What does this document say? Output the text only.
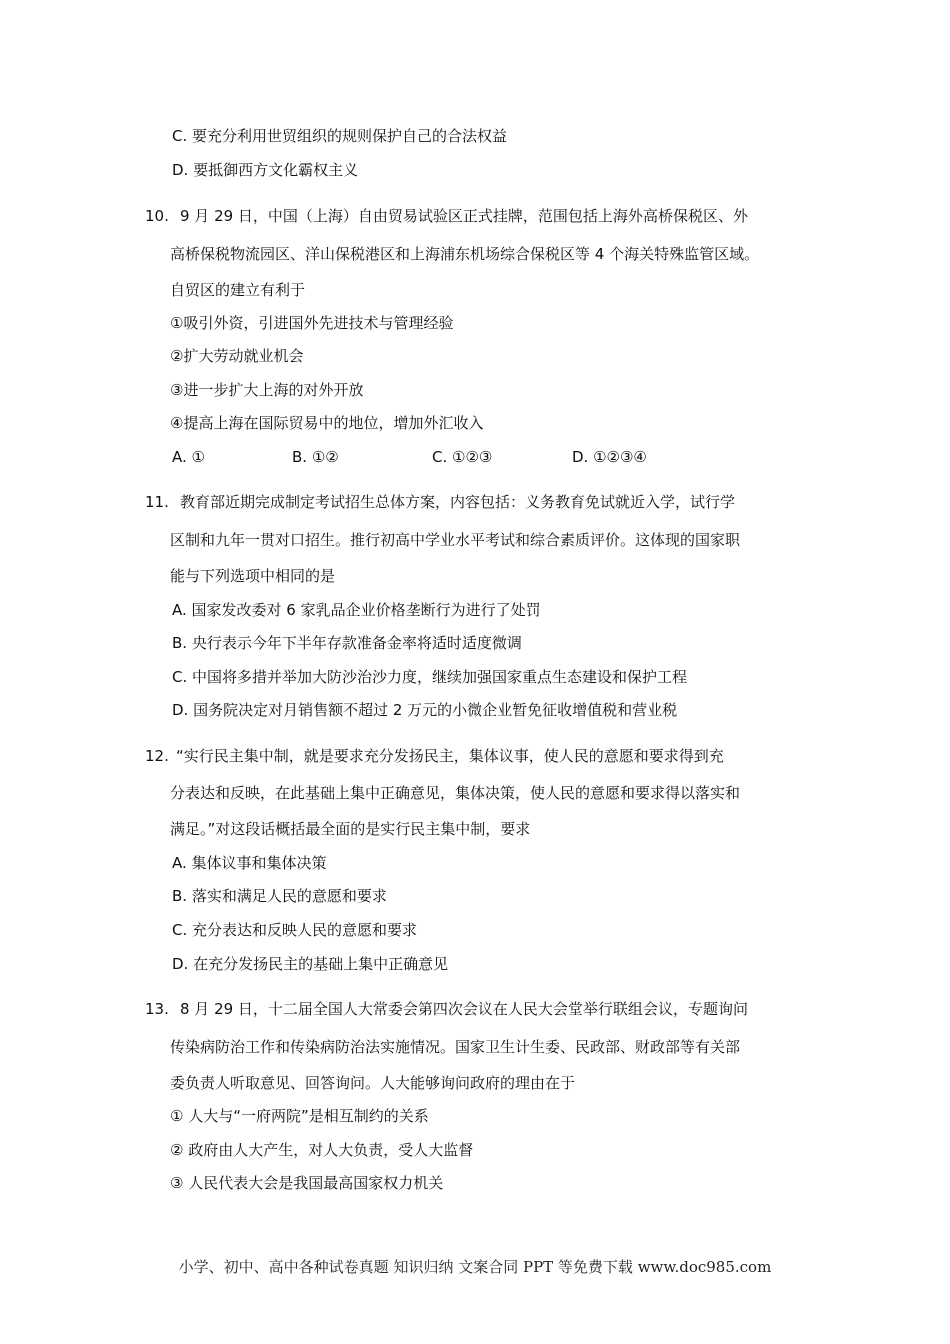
C. 要充分利用世贸组织的规则保护自己的合法权益
D. 要抵御西方文化霸权主义
10. 9 月 29 日，中国（上海）自由贸易试验区正式挂牌，范围包括上海外高桥保税区、外
高桥保税物流园区、洋山保税港区和上海浦东机场综合保税区等 4 个海关特殊监管区域。
自贸区的建立有利于
①吸引外资，引进国外先进技术与管理经验
②扩大劳动就业机会
③进一步扩大上海的对外开放
④提高上海在国际贸易中的地位，增加外汇收入
A. ①	B. ①②	C. ①②③	D. ①②③④
11. 教育部近期完成制定考试招生总体方案，内容包括：义务教育免试就近入学，试行学
区制和九年一贯对口招生。推行初高中学业水平考试和综合素质评价。这体现的国家职
能与下列选项中相同的是
A. 国家发改委对 6 家乳品企业价格垄断行为进行了处罚
B. 央行表示今年下半年存款准备金率将适时适度微调
C. 中国将多措并举加大防沙治沙力度，继续加强国家重点生态建设和保护工程
D. 国务院决定对月销售额不超过 2 万元的小微企业暂免征收增值税和营业税
12. “实行民主集中制，就是要求充分发扬民主，集体议事，使人民的意愿和要求得到充
分表达和反映，在此基础上集中正确意见，集体决策，使人民的意愿和要求得以落实和
满足。”对这段话概括最全面的是实行民主集中制，要求
A. 集体议事和集体决策
B. 落实和满足人民的意愿和要求
C. 充分表达和反映人民的意愿和要求
D. 在充分发扬民主的基础上集中正确意见
13. 8 月 29 日，十二届全国人大常委会第四次会议在人民大会堂举行联组会议，专题询问
传染病防治工作和传染病防治法实施情况。国家卫生计生委、民政部、财政部等有关部
委负责人听取意见、回答询问。人大能够询问政府的理由在于
① 人大与“一府两院”是相互制约的关系
② 政府由人大产生，对人大负责，受人大监督
③ 人民代表大会是我国最高国家权力机关
小学、初中、高中各种试卷真题 知识归纳 文案合同 PPT 等免费下载 www.doc985.com
